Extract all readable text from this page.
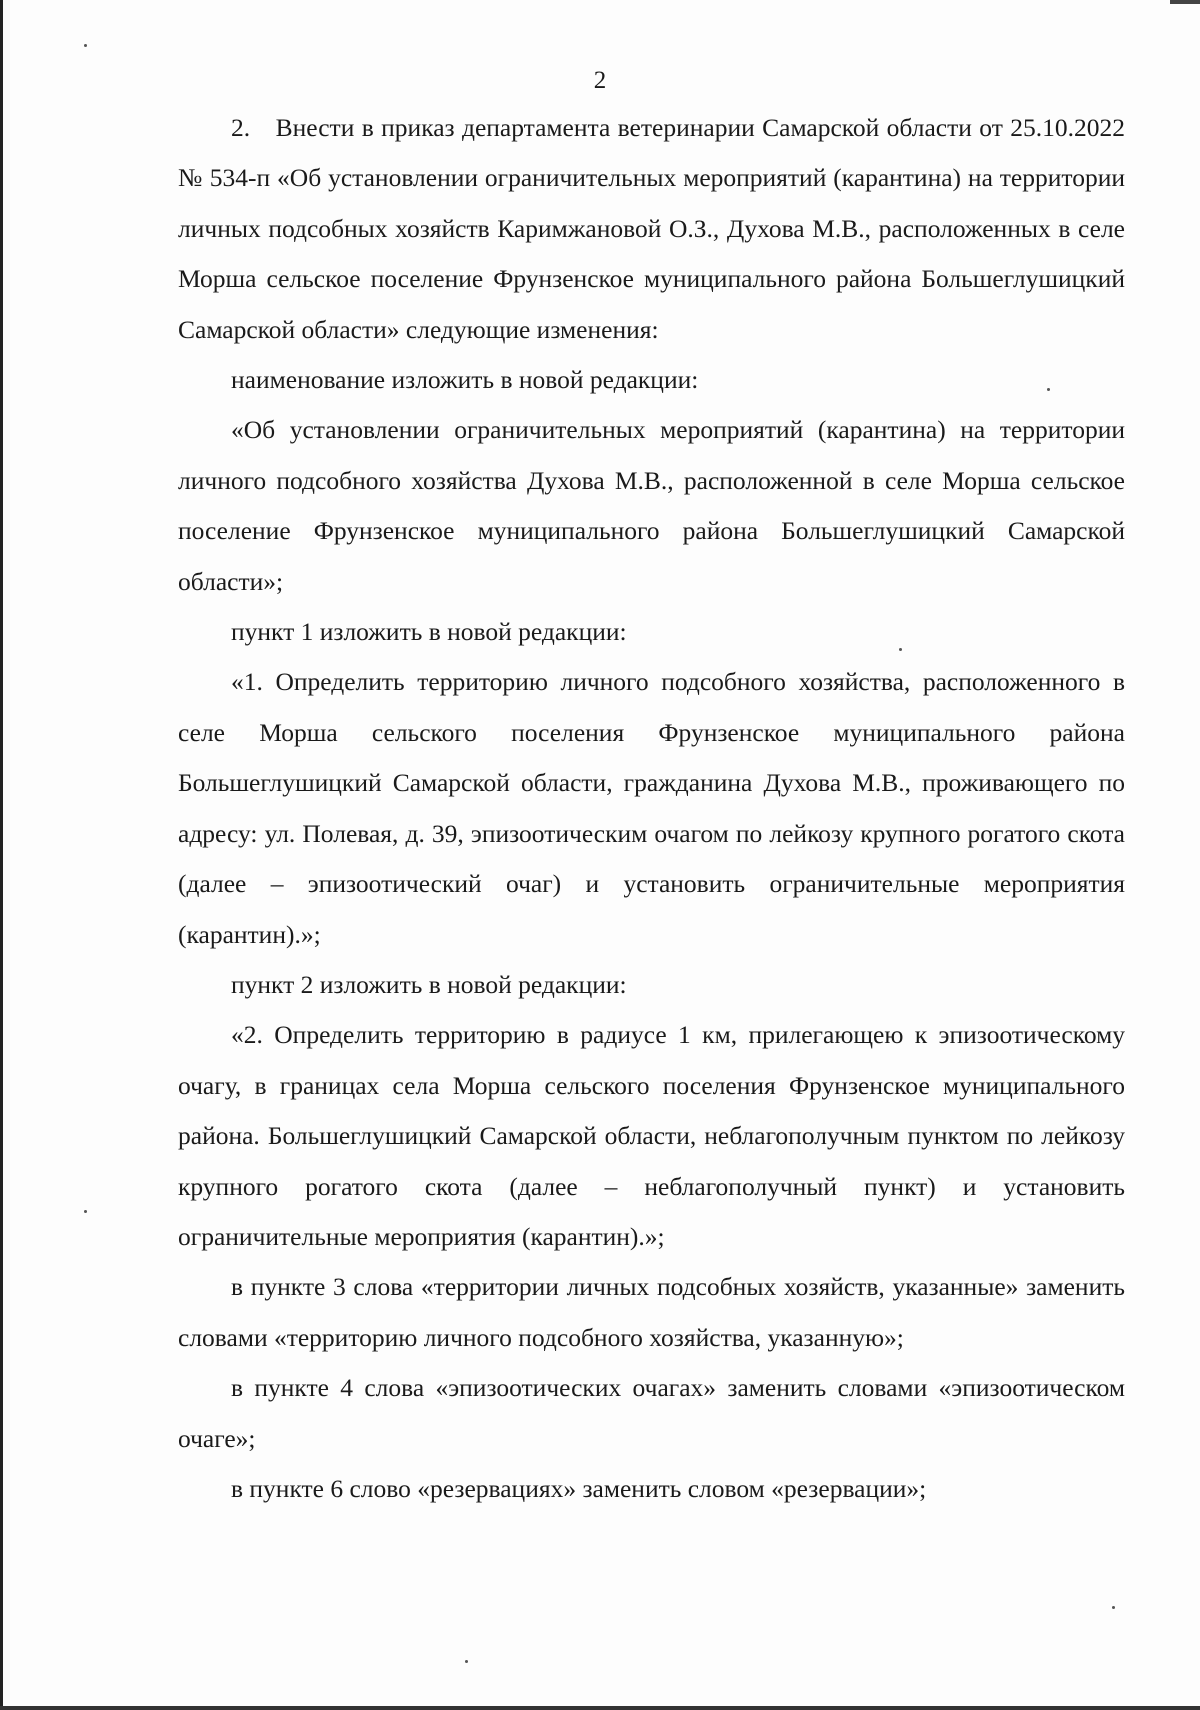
2

2. Внести в приказ департамента ветеринарии Самарской области от 25.10.2022 № 534-п «Об установлении ограничительных мероприятий (карантина) на территории личных подсобных хозяйств Каримжановой О.З., Духова М.В., расположенных в селе Морша сельское поселение Фрунзенское муниципального района Большеглушицкий Самарской области» следующие изменения:

наименование изложить в новой редакции:

«Об установлении ограничительных мероприятий (карантина) на территории личного подсобного хозяйства Духова М.В., расположенной в селе Морша сельское поселение Фрунзенское муниципального района Большеглушицкий Самарской области»;

пункт 1 изложить в новой редакции:

«1. Определить территорию личного подсобного хозяйства, расположенного в селе Морша сельского поселения Фрунзенское муниципального района Большеглушицкий Самарской области, гражданина Духова М.В., проживающего по адресу: ул. Полевая, д. 39, эпизоотическим очагом по лейкозу крупного рогатого скота (далее – эпизоотический очаг) и установить ограничительные мероприятия (карантин).»;

пункт 2 изложить в новой редакции:

«2. Определить территорию в радиусе 1 км, прилегающею к эпизоотическому очагу, в границах села Морша сельского поселения Фрунзенское муниципального района. Большеглушицкий Самарской области, неблагополучным пунктом по лейкозу крупного рогатого скота (далее – неблагополучный пункт) и установить ограничительные мероприятия (карантин).»;

в пункте 3 слова «территории личных подсобных хозяйств, указанные» заменить словами «территорию личного подсобного хозяйства, указанную»;

в пункте 4 слова «эпизоотических очагах» заменить словами «эпизоотическом очаге»;

в пункте 6 слово «резервациях» заменить словом «резервации»;
